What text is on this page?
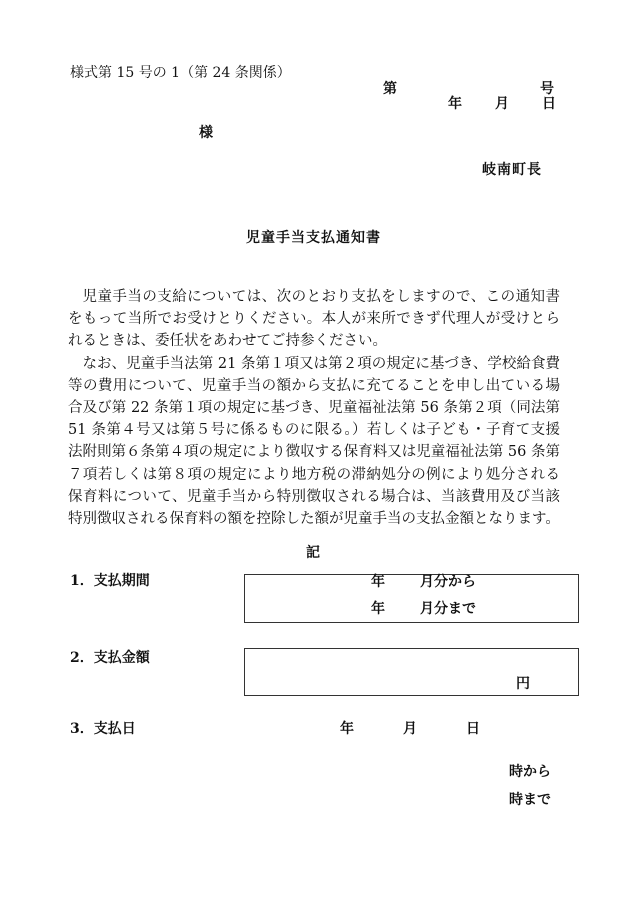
様式第 15 号の 1（第 24 条関係）
第	号
年 月 日
様
岐南町長
児童手当支払通知書

児童手当の支給については、次のとおり支払をしますので、この通知書をもって当所でお受けとりください。本人が来所できず代理人が受けとられるときは、委任状をあわせてご持参ください。

なお、児童手当法第 21 条第１項又は第２項の規定に基づき、学校給食費等の費用について、児童手当の額から支払に充てることを申し出ている場合及び第 22 条第１項の規定に基づき、児童福祉法第 56 条第２項（同法第 51 条第４号又は第５号に係るものに限る。）若しくは子ども・子育て支援法附則第６条第４項の規定により徴収する保育料又は児童福祉法第 56 条第７項若しくは第８項の規定により地方税の滞納処分の例により処分される保育料について、児童手当から特別徴収される場合は、当該費用及び当該特別徴収される保育料の額を控除した額が児童手当の支払金額となります。

記
1．支払期間	年	月分から
年	月分まで
2．支払金額
円
3．支払日	年	月	日
時から
時まで
